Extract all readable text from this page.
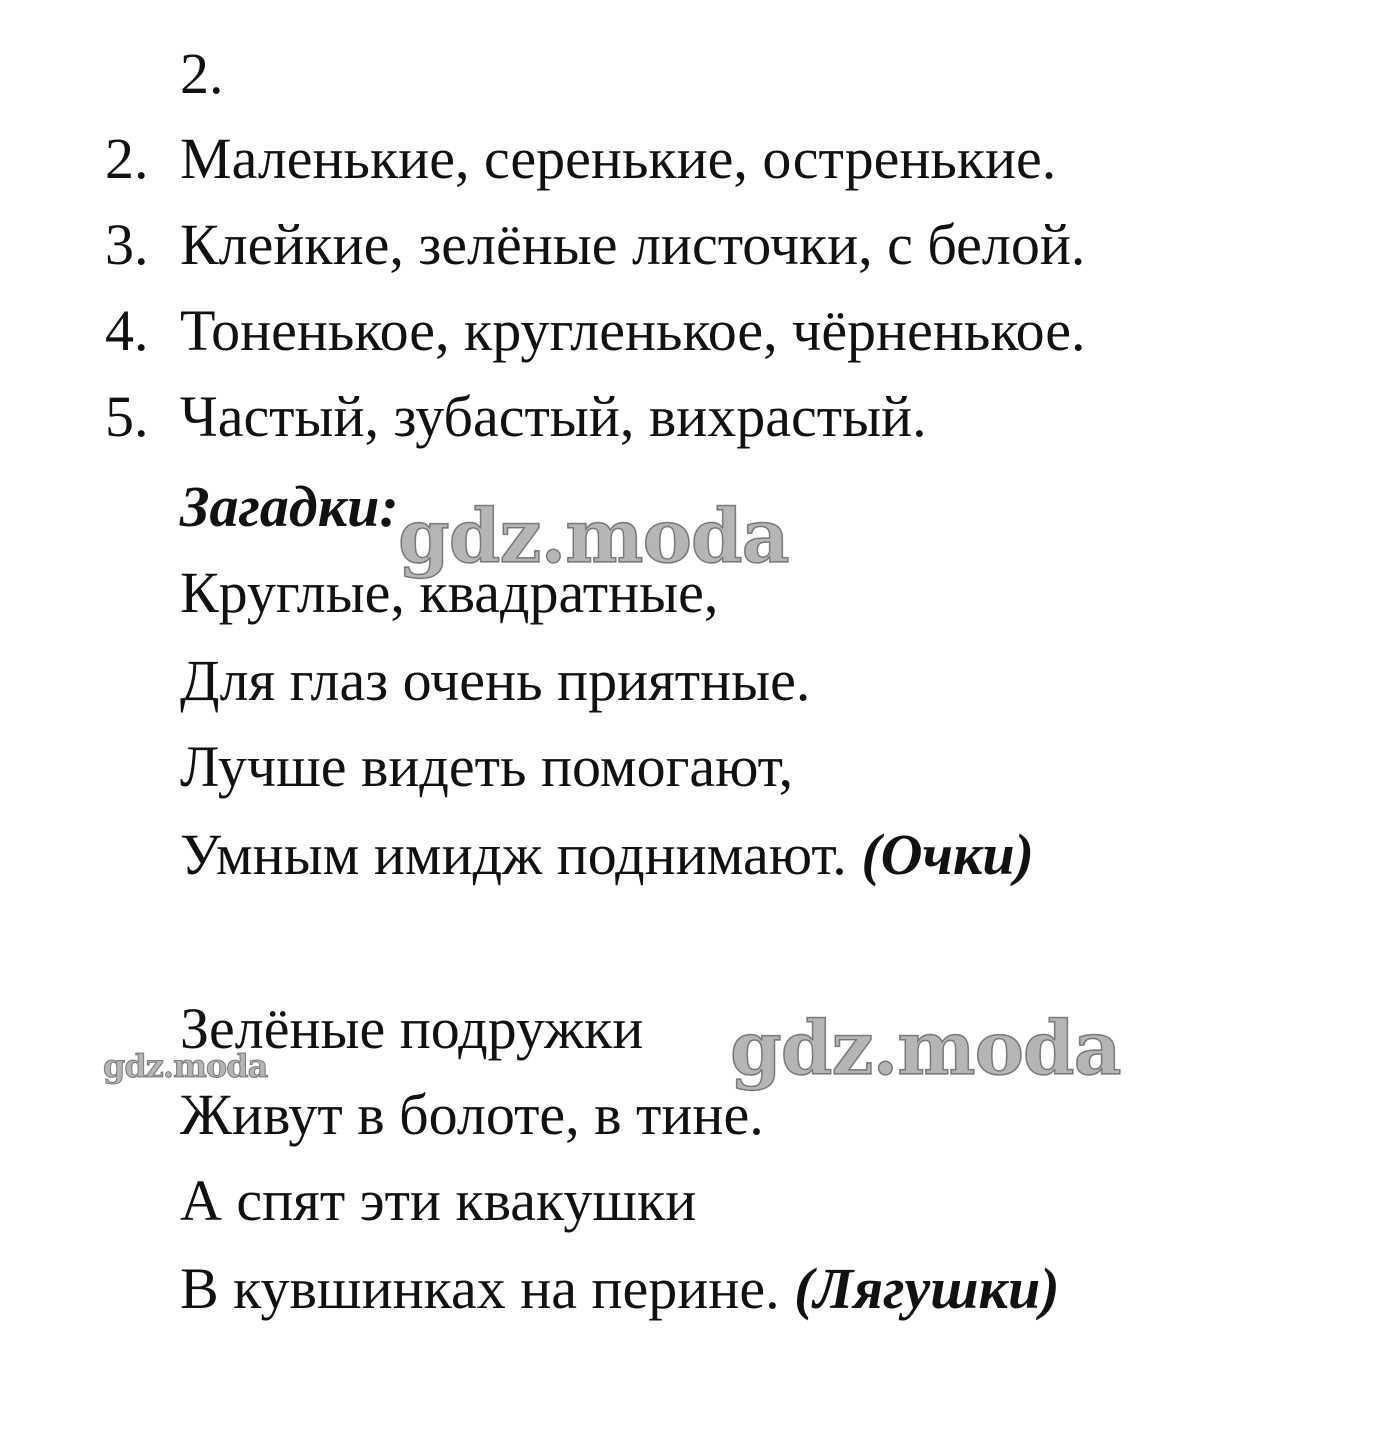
2.
2. Маленькие, серенькие, остренькие.
3. Клейкие, зелёные листочки, с белой.
4. Тоненькое, кругленькое, чёрненькое.
5. Частый, зубастый, вихрастый.
Загадки:
Круглые, квадратные,
Для глаз очень приятные.
Лучше видеть помогают,
Умным имидж поднимают. (Очки)
Зелёные подружки
Живут в болоте, в тине.
А спят эти квакушки
В кувшинках на перине. (Лягушки)
gdz.moda
gdz.moda
gdz.moda
